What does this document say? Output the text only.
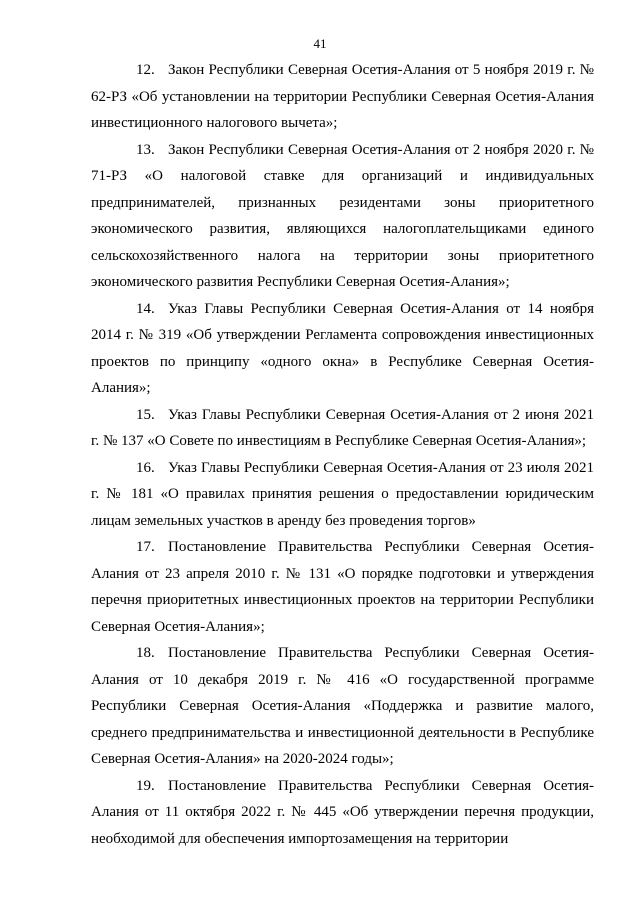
41

12. Закон Республики Северная Осетия-Алания от 5 ноября 2019 г. № 62-РЗ «Об установлении на территории Республики Северная Осетия-Алания инвестиционного налогового вычета»;

13. Закон Республики Северная Осетия-Алания от 2 ноября 2020 г. № 71-РЗ «О налоговой ставке для организаций и индивидуальных предпринимателей, признанных резидентами зоны приоритетного экономического развития, являющихся налогоплательщиками единого сельскохозяйственного налога на территории зоны приоритетного экономического развития Республики Северная Осетия-Алания»;

14. Указ Главы Республики Северная Осетия-Алания от 14 ноября 2014 г. № 319 «Об утверждении Регламента сопровождения инвестиционных проектов по принципу «одного окна» в Республике Северная Осетия-Алания»;

15. Указ Главы Республики Северная Осетия-Алания от 2 июня 2021 г. № 137 «О Совете по инвестициям в Республике Северная Осетия-Алания»;

16. Указ Главы Республики Северная Осетия-Алания от 23 июля 2021 г. № 181 «О правилах принятия решения о предоставлении юридическим лицам земельных участков в аренду без проведения торгов»

17. Постановление Правительства Республики Северная Осетия-Алания от 23 апреля 2010 г. № 131 «О порядке подготовки и утверждения перечня приоритетных инвестиционных проектов на территории Республики Северная Осетия-Алания»;

18. Постановление Правительства Республики Северная Осетия-Алания от 10 декабря 2019 г. № 416 «О государственной программе Республики Северная Осетия-Алания «Поддержка и развитие малого, среднего предпринимательства и инвестиционной деятельности в Республике Северная Осетия-Алания» на 2020-2024 годы»;

19. Постановление Правительства Республики Северная Осетия-Алания от 11 октября 2022 г. № 445 «Об утверждении перечня продукции, необходимой для обеспечения импортозамещения на территории
